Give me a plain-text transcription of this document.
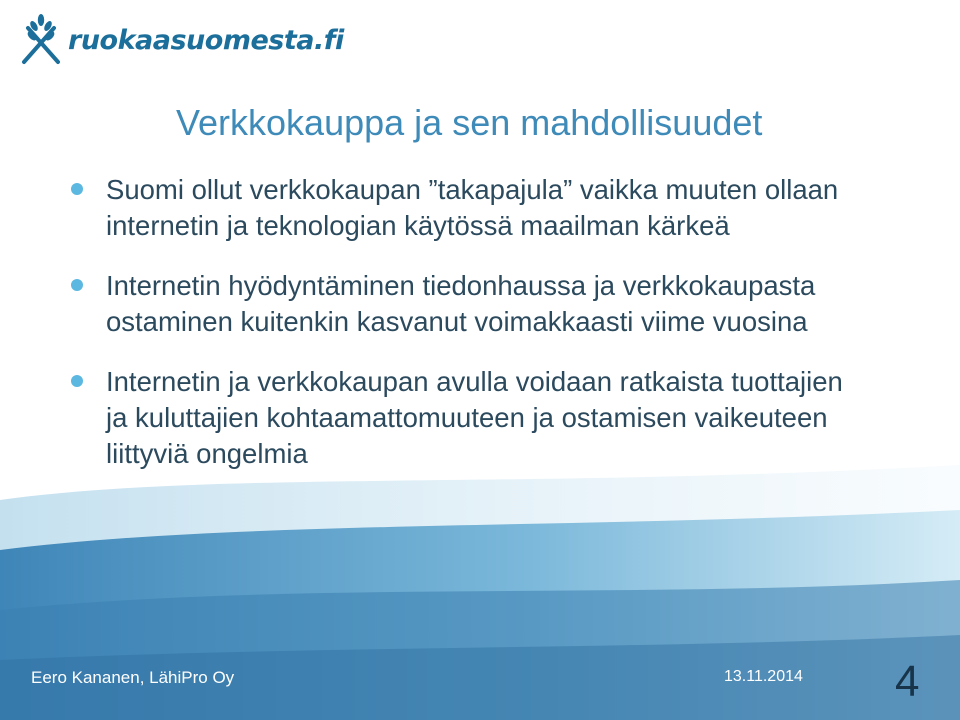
ruokaasuomesta.fi
Verkkokauppa ja sen mahdollisuudet
Suomi ollut verkkokaupan ”takapajula” vaikka muuten ollaan internetin ja teknologian käytössä maailman kärkeä
Internetin hyödyntäminen tiedonhaussa ja verkkokaupasta ostaminen kuitenkin kasvanut voimakkaasti viime vuosina
Internetin ja verkkokaupan avulla voidaan ratkaista tuottajien ja kuluttajien kohtaamattomuuteen ja ostamisen vaikeuteen liittyviä ongelmia
Eero Kananen, LähiPro Oy	13.11.2014 4
